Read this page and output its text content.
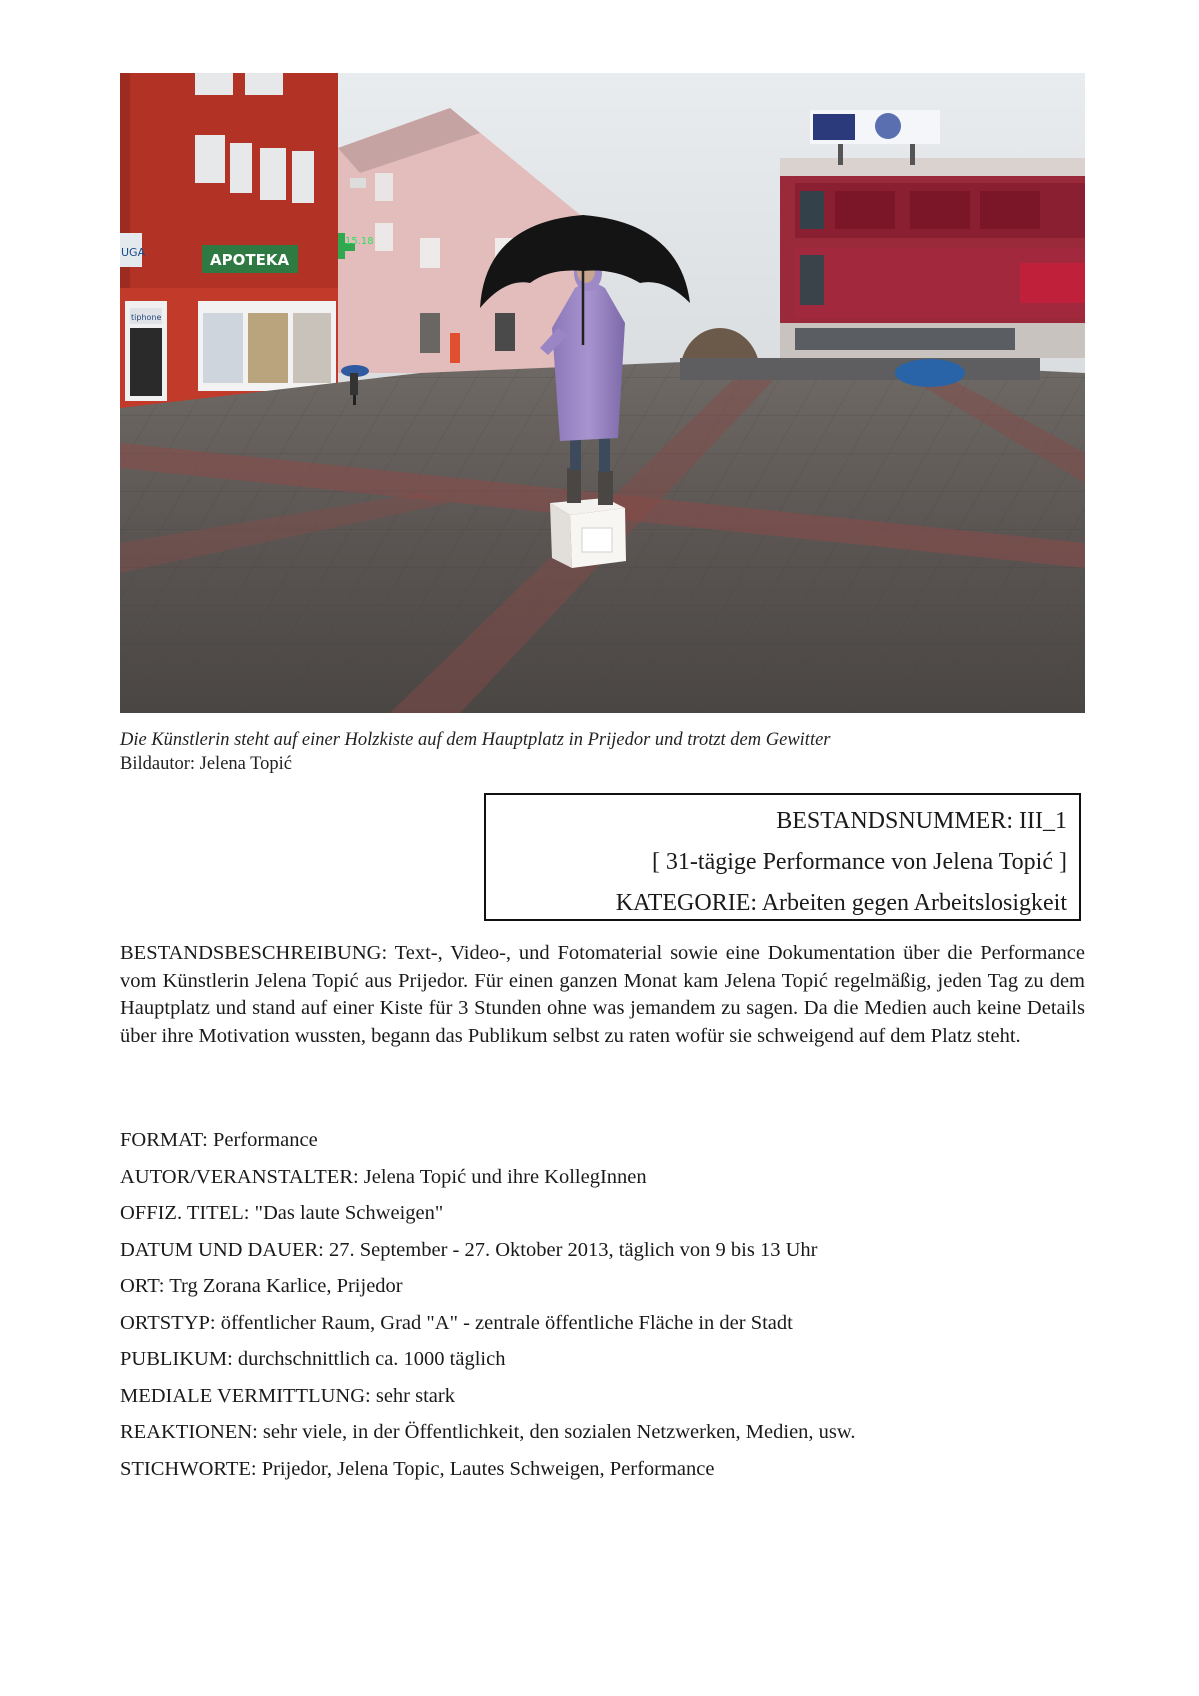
15.18
UGA	APOTEKA
tiphone
Die Künstlerin steht auf einer Holzkiste auf dem Hauptplatz in Prijedor und trotzt dem Gewitter
Bildautor: Jelena Topić
BESTANDSNUMMER: III_1
[ 31-tägige Performance von Jelena Topić ]
KATEGORIE: Arbeiten gegen Arbeitslosigkeit
BESTANDSBESCHREIBUNG: Text-, Video-, und Fotomaterial sowie eine Dokumentation über die Performance vom Künstlerin Jelena Topić aus Prijedor. Für einen ganzen Monat kam Jelena Topić regelmäßig, jeden Tag zu dem Hauptplatz und stand auf einer Kiste für 3 Stunden ohne was jemandem zu sagen. Da die Medien auch keine Details über ihre Motivation wussten, begann das Publikum selbst zu raten wofür sie schweigend auf dem Platz steht.
FORMAT: Performance
AUTOR/VERANSTALTER: Jelena Topić und ihre KollegInnen
OFFIZ. TITEL: "Das laute Schweigen"
DATUM UND DAUER: 27. September - 27. Oktober 2013, täglich von 9 bis 13 Uhr
ORT: Trg Zorana Karlice, Prijedor
ORTSTYP: öffentlicher Raum, Grad "A" - zentrale öffentliche Fläche in der Stadt
PUBLIKUM: durchschnittlich ca. 1000 täglich
MEDIALE VERMITTLUNG: sehr stark
REAKTIONEN: sehr viele, in der Öffentlichkeit, den sozialen Netzwerken, Medien, usw.
STICHWORTE: Prijedor, Jelena Topic, Lautes Schweigen, Performance
